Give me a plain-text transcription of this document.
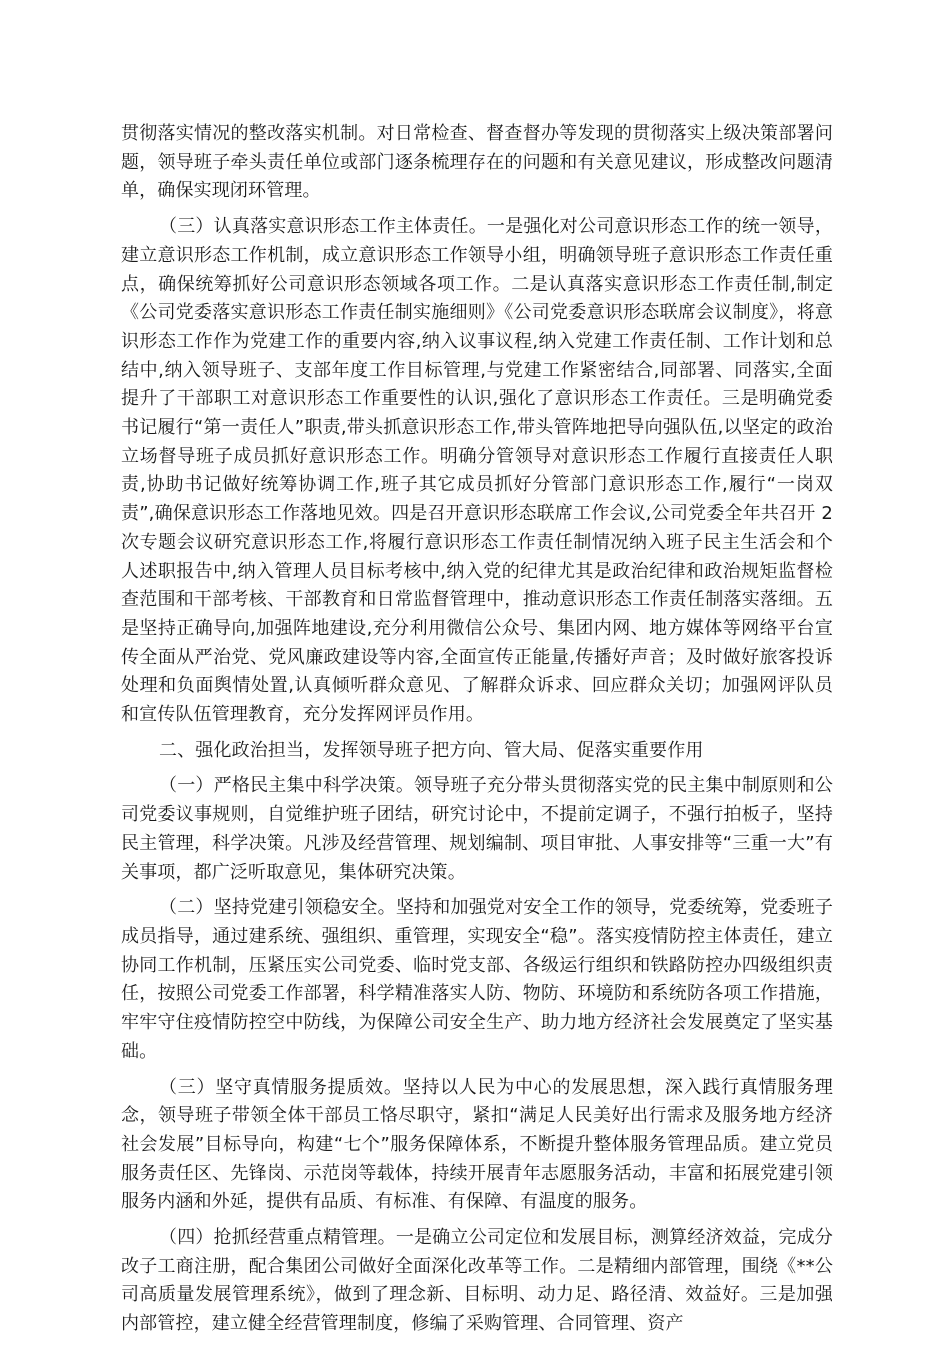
贯彻落实情况的整改落实机制。对日常检查、督查督办等发现的贯彻落实上级决策部署问题，领导班子牵头责任单位或部门逐条梳理存在的问题和有关意见建议，形成整改问题清单，确保实现闭环管理。

（三）认真落实意识形态工作主体责任。一是强化对公司意识形态工作的统一领导，建立意识形态工作机制，成立意识形态工作领导小组，明确领导班子意识形态工作责任重点，确保统筹抓好公司意识形态领域各项工作。二是认真落实意识形态工作责任制,制定《公司党委落实意识形态工作责任制实施细则》《公司党委意识形态联席会议制度》，将意识形态工作作为党建工作的重要内容,纳入议事议程,纳入党建工作责任制、工作计划和总结中,纳入领导班子、支部年度工作目标管理,与党建工作紧密结合,同部署、同落实,全面提升了干部职工对意识形态工作重要性的认识,强化了意识形态工作责任。三是明确党委书记履行“第一责任人”职责,带头抓意识形态工作,带头管阵地把导向强队伍,以坚定的政治立场督导班子成员抓好意识形态工作。明确分管领导对意识形态工作履行直接责任人职责,协助书记做好统筹协调工作,班子其它成员抓好分管部门意识形态工作,履行“一岗双责”,确保意识形态工作落地见效。四是召开意识形态联席工作会议,公司党委全年共召开 2 次专题会议研究意识形态工作,将履行意识形态工作责任制情况纳入班子民主生活会和个人述职报告中,纳入管理人员目标考核中,纳入党的纪律尤其是政治纪律和政治规矩监督检查范围和干部考核、干部教育和日常监督管理中，推动意识形态工作责任制落实落细。五是坚持正确导向,加强阵地建设,充分利用微信公众号、集团内网、地方媒体等网络平台宣传全面从严治党、党风廉政建设等内容,全面宣传正能量,传播好声音；及时做好旅客投诉处理和负面舆情处置,认真倾听群众意见、了解群众诉求、回应群众关切；加强网评队员和宣传队伍管理教育，充分发挥网评员作用。

二、强化政治担当，发挥领导班子把方向、管大局、促落实重要作用

（一）严格民主集中科学决策。领导班子充分带头贯彻落实党的民主集中制原则和公司党委议事规则，自觉维护班子团结，研究讨论中，不提前定调子，不强行拍板子，坚持民主管理，科学决策。凡涉及经营管理、规划编制、项目审批、人事安排等“三重一大”有关事项，都广泛听取意见，集体研究决策。

（二）坚持党建引领稳安全。坚持和加强党对安全工作的领导，党委统筹，党委班子成员指导，通过建系统、强组织、重管理，实现安全“稳”。落实疫情防控主体责任，建立协同工作机制，压紧压实公司党委、临时党支部、各级运行组织和铁路防控办四级组织责任，按照公司党委工作部署，科学精准落实人防、物防、环境防和系统防各项工作措施，牢牢守住疫情防控空中防线，为保障公司安全生产、助力地方经济社会发展奠定了坚实基础。

（三）坚守真情服务提质效。坚持以人民为中心的发展思想，深入践行真情服务理念，领导班子带领全体干部员工恪尽职守，紧扣“满足人民美好出行需求及服务地方经济社会发展”目标导向，构建“七个”服务保障体系，不断提升整体服务管理品质。建立党员服务责任区、先锋岗、示范岗等载体，持续开展青年志愿服务活动，丰富和拓展党建引领服务内涵和外延，提供有品质、有标准、有保障、有温度的服务。

（四）抢抓经营重点精管理。一是确立公司定位和发展目标，测算经济效益，完成分改子工商注册，配合集团公司做好全面深化改革等工作。二是精细内部管理，围绕《**公司高质量发展管理系统》，做到了理念新、目标明、动力足、路径清、效益好。三是加强内部管控，建立健全经营管理制度，修编了采购管理、合同管理、资产
